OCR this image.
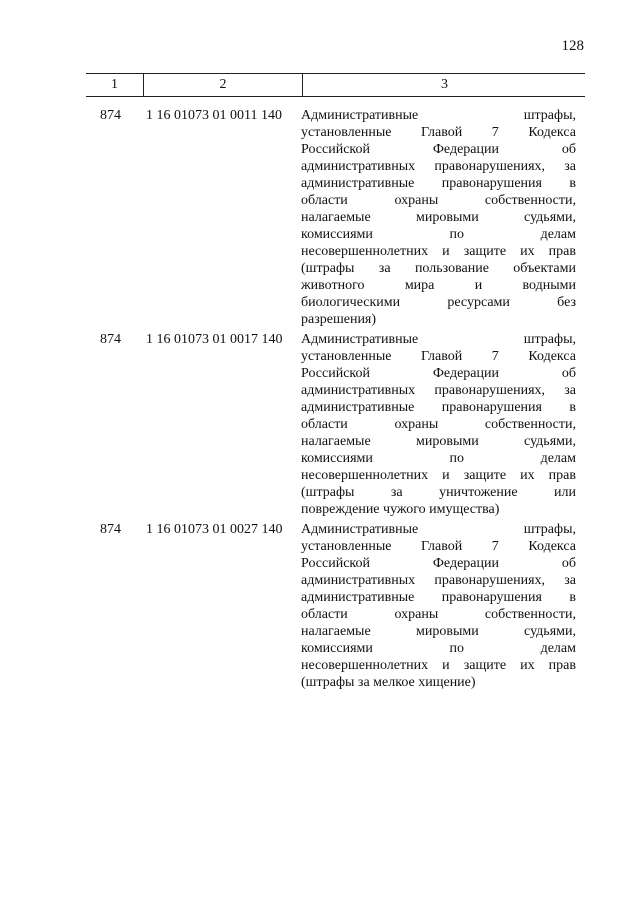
128
1	2	3
874	1 16 01073 01 0011 140	Административные штрафы,
установленные Главой 7 Кодекса
Российской Федерации об
административных правонарушениях, за
административные правонарушения в
области охраны собственности,
налагаемые мировыми судьями,
комиссиями по делам
несовершеннолетних и защите их прав
(штрафы за пользование объектами
животного мира и водными
биологическими ресурсами без
разрешения)
874	1 16 01073 01 0017 140	Административные штрафы,
установленные Главой 7 Кодекса
Российской Федерации об
административных правонарушениях, за
административные правонарушения в
области охраны собственности,
налагаемые мировыми судьями,
комиссиями по делам
несовершеннолетних и защите их прав
(штрафы за уничтожение или
повреждение чужого имущества)
874	1 16 01073 01 0027 140	Административные штрафы,
установленные Главой 7 Кодекса
Российской Федерации об
административных правонарушениях, за
административные правонарушения в
области охраны собственности,
налагаемые мировыми судьями,
комиссиями по делам
несовершеннолетних и защите их прав
(штрафы за мелкое хищение)
